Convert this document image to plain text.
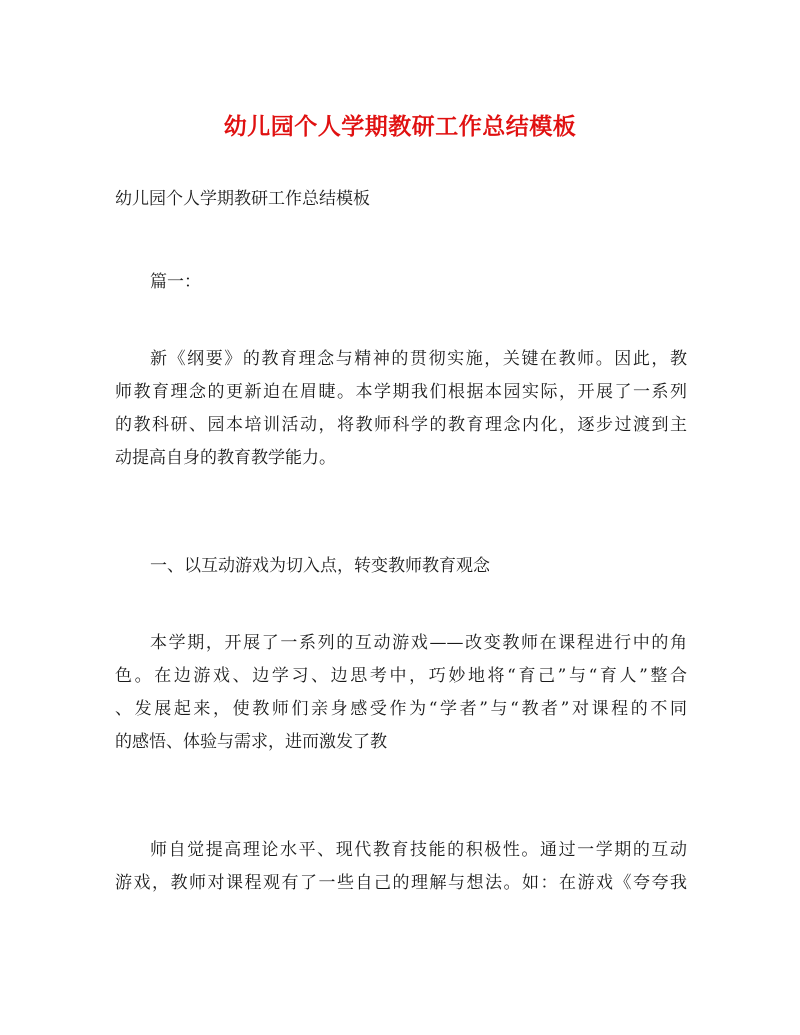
幼儿园个人学期教研工作总结模板
幼儿园个人学期教研工作总结模板
篇一：
新《纲要》的教育理念与精神的贯彻实施，关键在教师。因此，教
师教育理念的更新迫在眉睫。本学期我们根据本园实际，开展了一系列
的教科研、园本培训活动，将教师科学的教育理念内化，逐步过渡到主
动提高自身的教育教学能力。
一、以互动游戏为切入点，转变教师教育观念
本学期，开展了一系列的互动游戏——改变教师在课程进行中的角
色。在边游戏、边学习、边思考中，巧妙地将“育己”与“育人”整合
、发展起来，使教师们亲身感受作为“学者”与“教者”对课程的不同
的感悟、体验与需求，进而激发了教
师自觉提高理论水平、现代教育技能的积极性。通过一学期的互动
游戏，教师对课程观有了一些自己的理解与想法。如：在游戏《夸夸我
